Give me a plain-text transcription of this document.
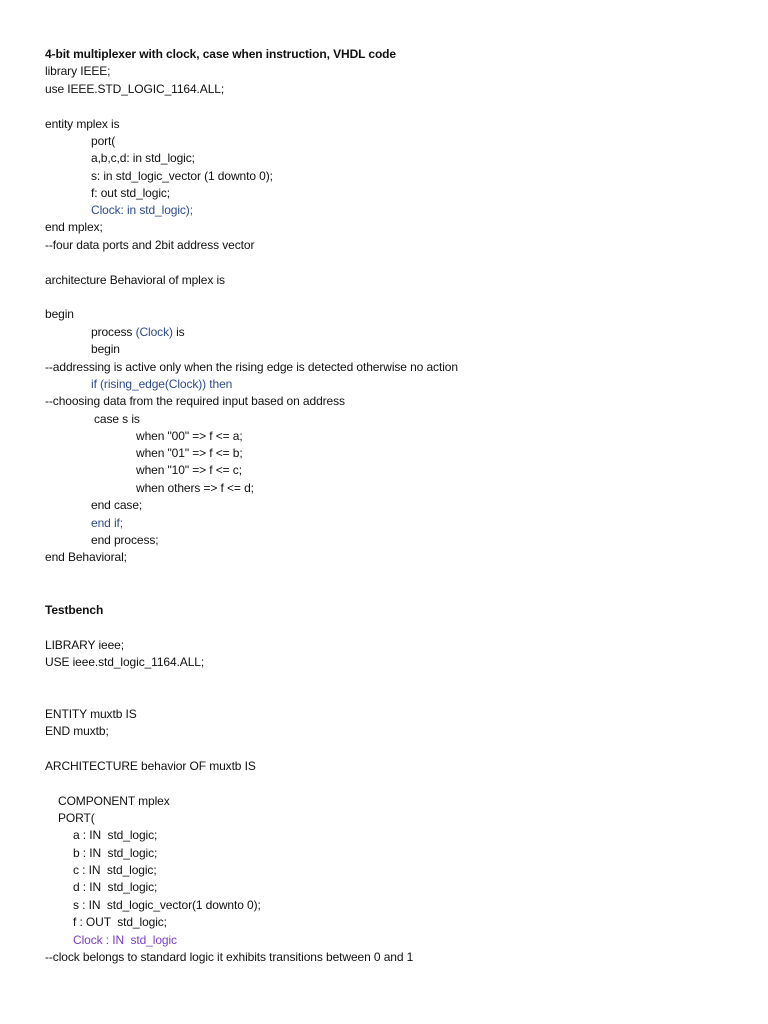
4-bit multiplexer with clock, case when instruction, VHDL code
library IEEE;
use IEEE.STD_LOGIC_1164.ALL;
entity mplex is
port(
a,b,c,d: in std_logic;
s: in std_logic_vector (1 downto 0);
f: out std_logic;
Clock: in std_logic);
end mplex;
--four data ports and 2bit address vector
architecture Behavioral of mplex is
begin
process (Clock) is
begin
--addressing is active only when the rising edge is detected otherwise no action
if (rising_edge(Clock)) then
--choosing data from the required input based on address
case s is
when "00" => f <= a;
when "01" => f <= b;
when "10" => f <= c;
when others => f <= d;
end case;
end if;
end process;
end Behavioral;
Testbench
LIBRARY ieee;
USE ieee.std_logic_1164.ALL;
ENTITY muxtb IS
END muxtb;
ARCHITECTURE behavior OF muxtb IS
COMPONENT mplex
PORT(
a : IN  std_logic;
b : IN  std_logic;
c : IN  std_logic;
d : IN  std_logic;
s : IN  std_logic_vector(1 downto 0);
f : OUT  std_logic;
Clock : IN  std_logic
--clock belongs to standard logic it exhibits transitions between 0 and 1
